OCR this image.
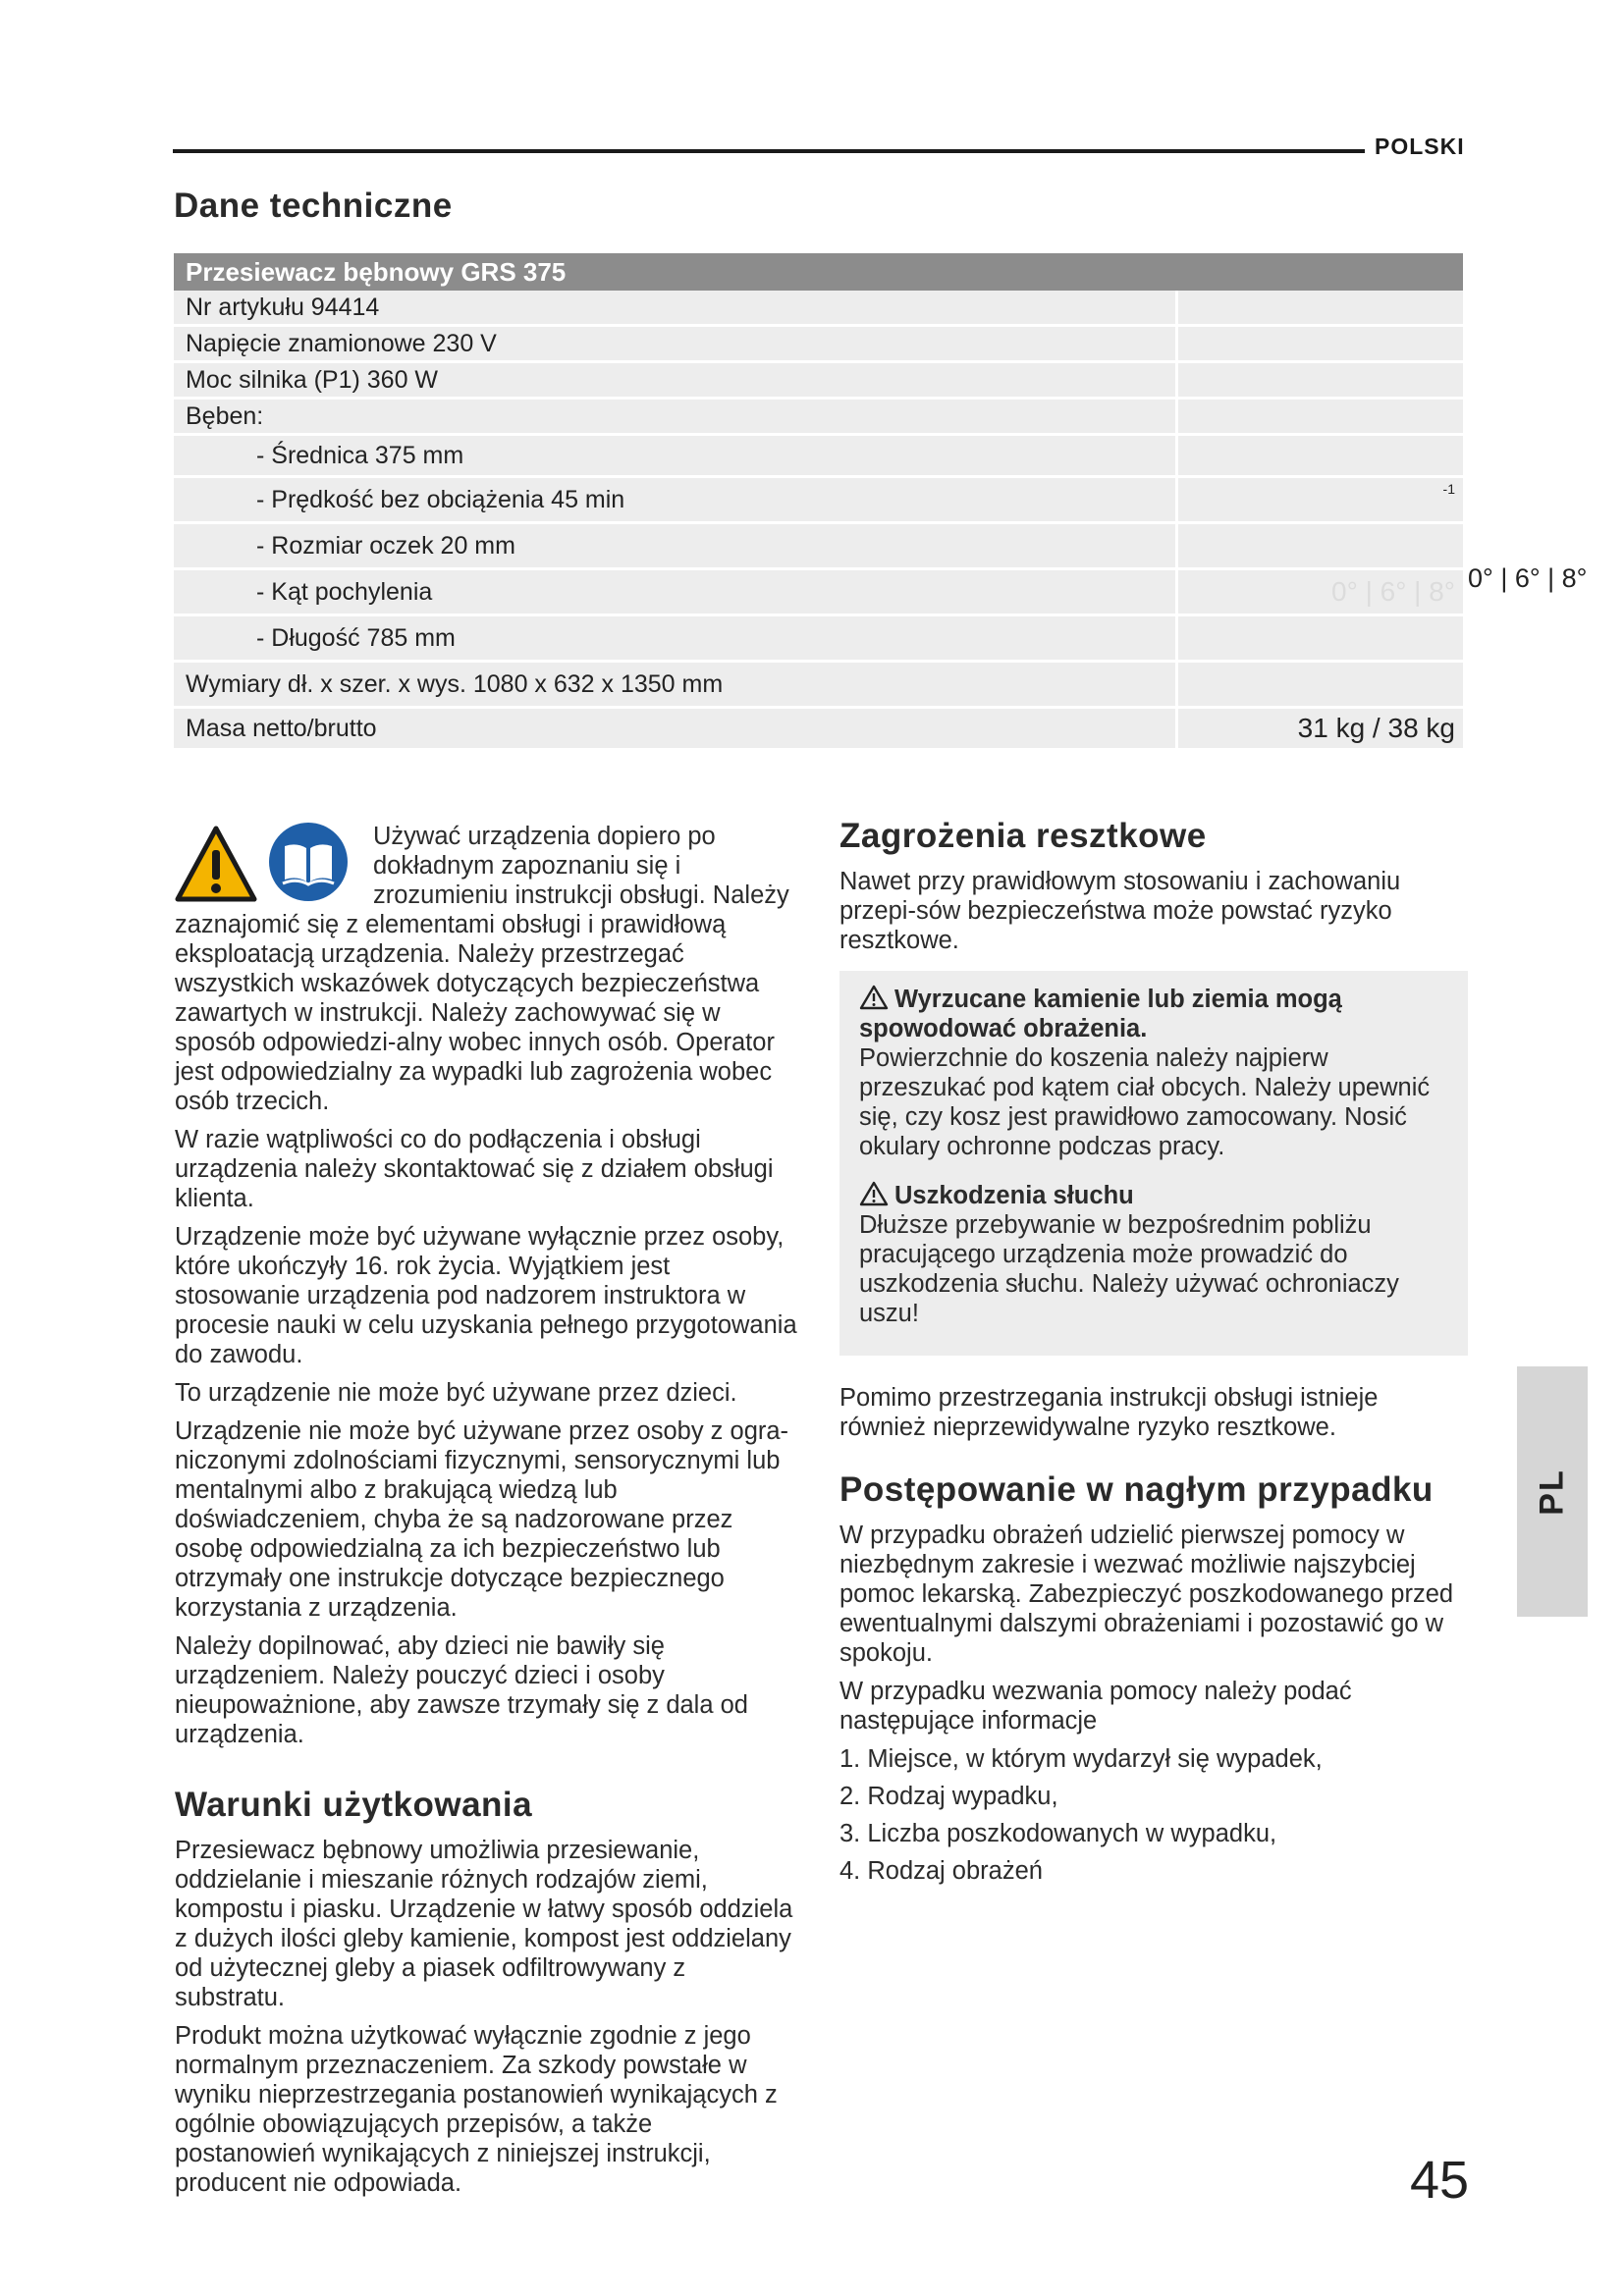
POLSKI
Dane techniczne
Przesiewacz bębnowy GRS 375
Nr artykułu 94414
Napięcie znamionowe 230 V
Moc silnika (P1) 360 W
Bęben:
- Średnica 375 mm
- Prędkość bez obciążenia 45 min	$^{-1}$
- Rozmiar oczek 20 mm
- Kąt pochylenia	0° | 6° | 8°
- Długość 785 mm
Wymiary dł. x szer. x wys. 1080 x 632 x 1350 mm
Masa netto/brutto	31 kg / 38 kg
0° | 6° | 8°

Używać urządzenia dopiero po dokładnym zapoznaniu się i zrozumieniu instrukcji obsługi. Należy zaznajomić się z elementami obsługi i prawidłową eksploatacją urządzenia. Należy przestrzegać wszystkich wskazówek dotyczących bezpieczeństwa zawartych w instrukcji. Należy zachowywać się w sposób odpowiedzi-alny wobec innych osób. Operator jest odpowiedzialny za wypadki lub zagrożenia wobec osób trzecich.

W razie wątpliwości co do podłączenia i obsługi urządzenia należy skontaktować się z działem obsługi klienta.

Urządzenie może być używane wyłącznie przez osoby, które ukończyły 16. rok życia. Wyjątkiem jest stosowanie urządzenia pod nadzorem instruktora w procesie nauki w celu uzyskania pełnego przygotowania do zawodu.

To urządzenie nie może być używane przez dzieci.

Urządzenie nie może być używane przez osoby z ogra-niczonymi zdolnościami fizycznymi, sensorycznymi lub mentalnymi albo z brakującą wiedzą lub doświadczeniem, chyba że są nadzorowane przez osobę odpowiedzialną za ich bezpieczeństwo lub otrzymały one instrukcje dotyczące bezpiecznego korzystania z urządzenia.

Należy dopilnować, aby dzieci nie bawiły się urządzeniem. Należy pouczyć dzieci i osoby nieupoważnione, aby zawsze trzymały się z dala od urządzenia.

Warunki użytkowania

Przesiewacz bębnowy umożliwia przesiewanie, oddzielanie i mieszanie różnych rodzajów ziemi, kompostu i piasku. Urządzenie w łatwy sposób oddziela z dużych ilości gleby kamienie, kompost jest oddzielany od użytecznej gleby a piasek odfiltrowywany z substratu.

Produkt można użytkować wyłącznie zgodnie z jego normalnym przeznaczeniem. Za szkody powstałe w wyniku nieprzestrzegania postanowień wynikających z ogólnie obowiązujących przepisów, a także postanowień wynikających z niniejszej instrukcji, producent nie odpowiada.

Zagrożenia resztkowe

Nawet przy prawidłowym stosowaniu i zachowaniu przepi-sów bezpieczeństwa może powstać ryzyko resztkowe.

Wyrzucane kamienie lub ziemia mogą spowodować obrażenia.

Powierzchnie do koszenia należy najpierw przeszukać pod kątem ciał obcych. Należy upewnić się, czy kosz jest prawidłowo zamocowany. Nosić okulary ochronne podczas pracy.

Uszkodzenia słuchu

Dłuższe przebywanie w bezpośrednim pobliżu pracującego urządzenia może prowadzić do uszkodzenia słuchu. Należy używać ochroniaczy uszu!

Pomimo przestrzegania instrukcji obsługi istnieje również nieprzewidywalne ryzyko resztkowe.

Postępowanie w nagłym przypadku

W przypadku obrażeń udzielić pierwszej pomocy w niezbędnym zakresie i wezwać możliwie najszybciej pomoc lekarską. Zabezpieczyć poszkodowanego przed ewentualnymi dalszymi obrażeniami i pozostawić go w spokoju.

W przypadku wezwania pomocy należy podać następujące informacje

1. Miejsce, w którym wydarzył się wypadek,
2. Rodzaj wypadku,
3. Liczba poszkodowanych w wypadku,
4. Rodzaj obrażeń
PL
45
